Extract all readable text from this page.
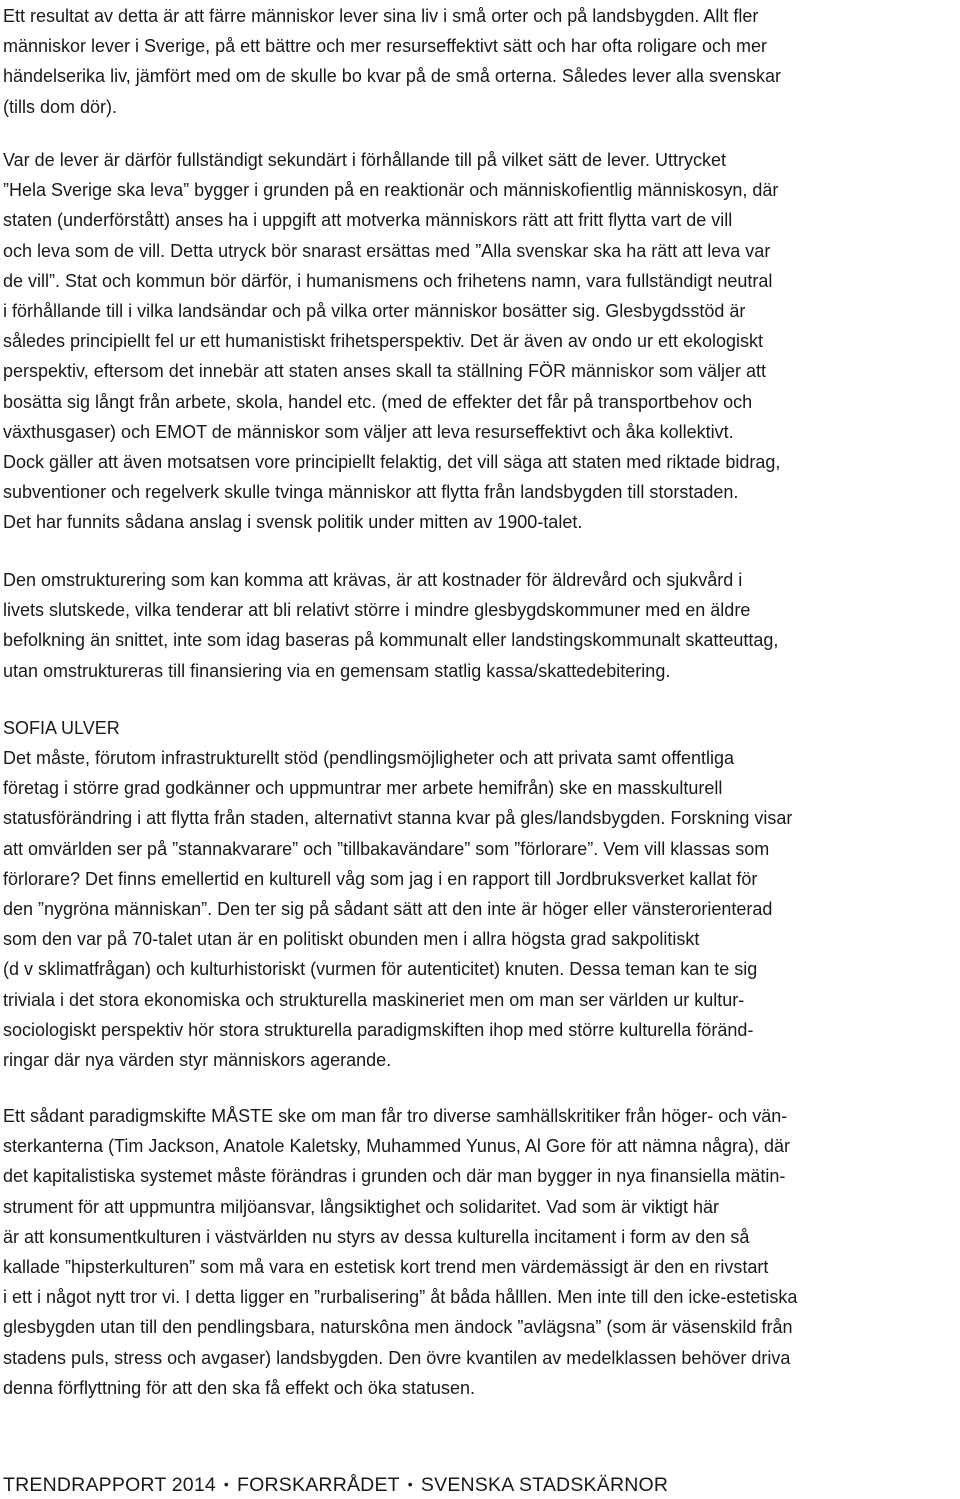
Ett resultat av detta är att färre människor lever sina liv i små orter och på landsbygden. Allt fler
människor lever i Sverige, på ett bättre och mer resurseffektivt sätt och har ofta roligare och mer
händelserika liv, jämfört med om de skulle bo kvar på de små orterna. Således lever alla svenskar
(tills dom dör).

Var de lever är därför fullständigt sekundärt i förhållande till på vilket sätt de lever. Uttrycket
”Hela Sverige ska leva” bygger i grunden på en reaktionär och människofientlig människosyn, där
staten (underförstått) anses ha i uppgift att motverka människors rätt att fritt flytta vart de vill
och leva som de vill. Detta utryck bör snarast ersättas med ”Alla svenskar ska ha rätt att leva var
de vill”. Stat och kommun bör därför, i humanismens och frihetens namn, vara fullständigt neutral
i förhållande till i vilka landsändar och på vilka orter människor bosätter sig. Glesbygdsstöd är
således principiellt fel ur ett humanistiskt frihetsperspektiv. Det är även av ondo ur ett ekologiskt
perspektiv, eftersom det innebär att staten anses skall ta ställning FÖR människor som väljer att
bosätta sig långt från arbete, skola, handel etc. (med de effekter det får på transportbehov och
växthusgaser) och EMOT de människor som väljer att leva resurseffektivt och åka kollektivt.
Dock gäller att även motsatsen vore principiellt felaktig, det vill säga att staten med riktade bidrag,
subventioner och regelverk skulle tvinga människor att flytta från landsbygden till storstaden.
Det har funnits sådana anslag i svensk politik under mitten av 1900-talet.

Den omstrukturering som kan komma att krävas, är att kostnader för äldrevård och sjukvård i
livets slutskede, vilka tenderar att bli relativt större i mindre glesbygdskommuner med en äldre
befolkning än snittet, inte som idag baseras på kommunalt eller landstingskommunalt skatteuttag,
utan omstruktureras till finansiering via en gemensam statlig kassa/skattedebitering.

SOFIA ULVER

Det måste, förutom infrastrukturellt stöd (pendlingsmöjligheter och att privata samt offentliga
företag i större grad godkänner och uppmuntrar mer arbete hemifrån) ske en masskulturell
statusförändring i att flytta från staden, alternativt stanna kvar på gles/landsbygden. Forskning visar
att omvärlden ser på ”stannakvarare” och ”tillbakavändare” som ”förlorare”. Vem vill klassas som
förlorare? Det finns emellertid en kulturell våg som jag i en rapport till Jordbruksverket kallat för
den ”nygröna människan”. Den ter sig på sådant sätt att den inte är höger eller vänsterorienterad
som den var på 70-talet utan är en politiskt obunden men i allra högsta grad sakpolitiskt
(d v sklimatfrågan) och kulturhistoriskt (vurmen för autenticitet) knuten. Dessa teman kan te sig
triviala i det stora ekonomiska och strukturella maskineriet men om man ser världen ur kultur-
sociologiskt perspektiv hör stora strukturella paradigmskiften ihop med större kulturella föränd-
ringar där nya värden styr människors agerande.

Ett sådant paradigmskifte MÅSTE ske om man får tro diverse samhällskritiker från höger- och vän-
sterkanterna (Tim Jackson, Anatole Kaletsky, Muhammed Yunus, Al Gore för att nämna några), där
det kapitalistiska systemet måste förändras i grunden och där man bygger in nya finansiella mätin-
strument för att uppmuntra miljöansvar, långsiktighet och solidaritet. Vad som är viktigt här
är att konsumentkulturen i västvärlden nu styrs av dessa kulturella incitament i form av den så
kallade ”hipsterkulturen” som må vara en estetisk kort trend men värdemässigt är den en rivstart
i ett i något nytt tror vi. I detta ligger en ”rurbalisering” åt båda hålllen. Men inte till den icke-estetiska
glesbygden utan till den pendlingsbara, naturskôna men ändock ”avlägsna” (som är väsenskild från
stadens puls, stress och avgaser) landsbygden. Den övre kvantilen av medelklassen behöver driva
denna förflyttning för att den ska få effekt och öka statusen.

TRENDRAPPORT 2014 • FORSKARRÅDET • SVENSKA STADSKÄRNOR
